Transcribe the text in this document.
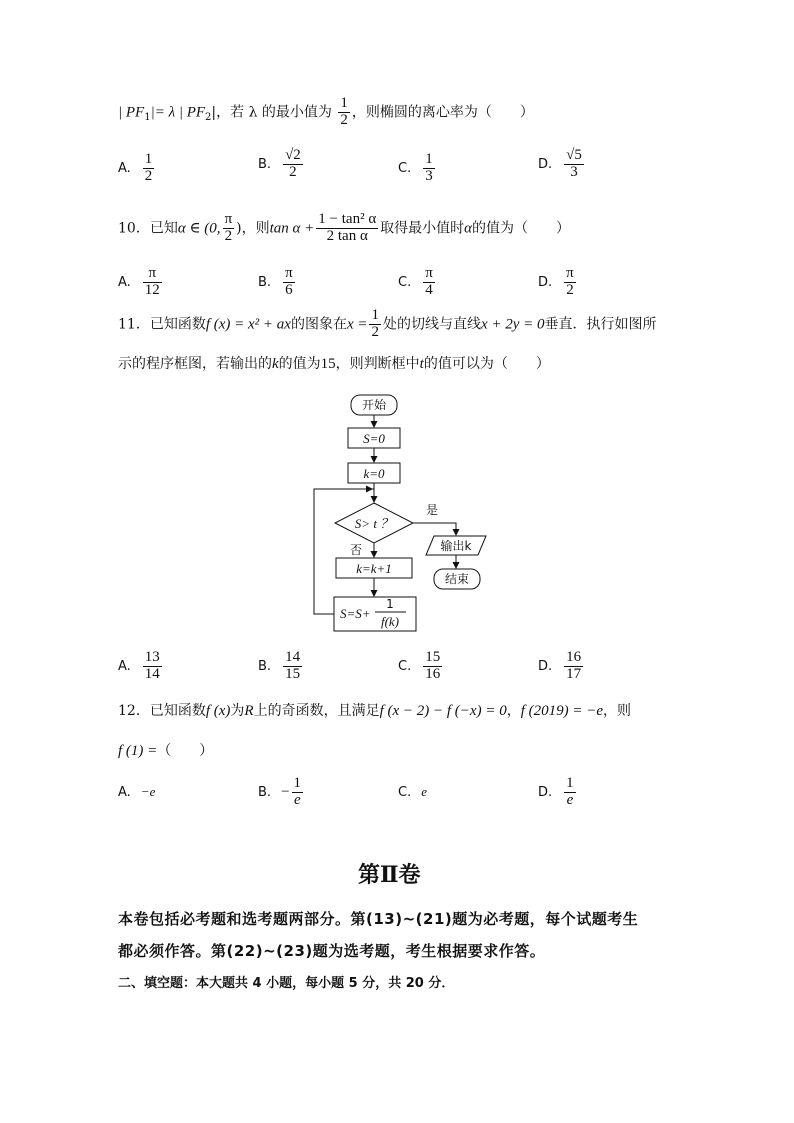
| $PF_1|= \lambda$ | $PF_2|$，若 λ 的最小值为 $\frac{1}{2}$ ，则椭圆的离心率为（　　）
A. $\frac{1}{2}$	B. $\frac{√2}{2}$	C. $\frac{1}{3}$	D. $\frac{√5}{3}$
10．已知α ∈ (0, $\frac{\pi}{2}$ )，则$\tan \alpha + \frac{\text{1 − tan² α}}{\text{2 tan α}}$ 取得最小值时α的值为（　　）
A. $\frac{\pi}{12}$	B. $\frac{\pi}{6}$	C. $\frac{\pi}{4}$	D. $\frac{\pi}{2}$
11．已知函数f (x) = x² + ax的图象在$x = \frac{1}{2}$ 处的切线与直线x + 2y = 0垂直．执行如图所
示的程序框图，若输出的k的值为15，则判断框中t的值可以为（　　）
开始
S=0
k=0
S> t ？
是
输出k
结束
否
k=k+1
S=S+
1
f(k)
A. $\frac{13}{14}$	B. $\frac{14}{15}$	C. $\frac{15}{16}$	D. $\frac{16}{17}$
12．已知函数f (x)为R上的奇函数，且满足f (x − 2) − f (−x) = 0，f (2019) = −e，则
f (1) =（　　）
A. −e	B. − $\frac{1}{e}$	C. e	D. $\frac{1}{e}$
第Ⅱ卷
本卷包括必考题和选考题两部分。第(13)~(21)题为必考题，每个试题考生
都必须作答。第(22)~(23)题为选考题，考生根据要求作答。
二、填空题：本大题共 4 小题，每小题 5 分，共 20 分．
